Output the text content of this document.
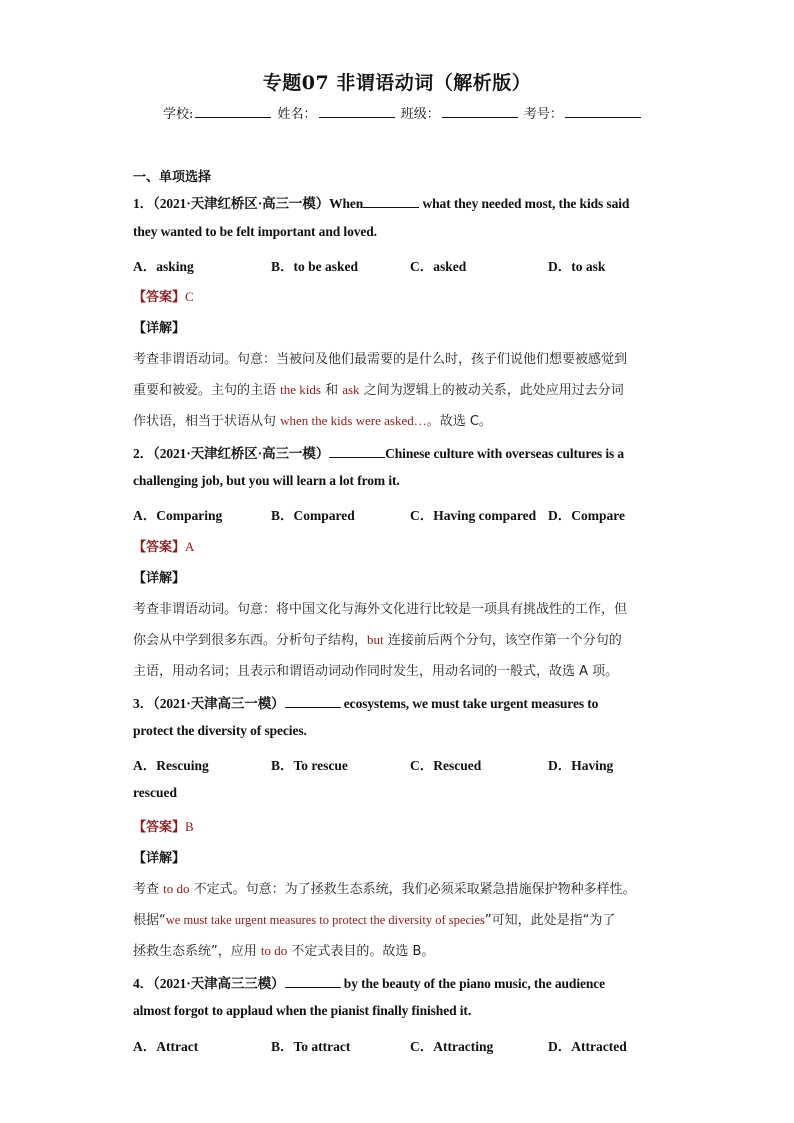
专题07 非谓语动词（解析版）
学校:	姓名：	班级：	考号：
一、单项选择
1．（2021·天津红桥区·高三一模）When	what they needed most, the kids said
they wanted to be felt important and loved.
A．asking	B．to be asked	C．asked	D．to ask
【答案】C
【详解】
考查非谓语动词。句意：当被问及他们最需要的是什么时，孩子们说他们想要被感觉到
重要和被爱。主句的主语 the kids 和 ask 之间为逻辑上的被动关系，此处应用过去分词
作状语，相当于状语从句 when the kids were asked…。故选 C。
2．（2021·天津红桥区·高三一模）	Chinese culture with overseas cultures is a
challenging job, but you will learn a lot from it.
A．Comparing	B．Compared	C．Having compared D．Compare
【答案】A
【详解】
考查非谓语动词。句意：将中国文化与海外文化进行比较是一项具有挑战性的工作，但
你会从中学到很多东西。分析句子结构，but 连接前后两个分句，该空作第一个分句的
主语，用动名词；且表示和谓语动词动作同时发生，用动名词的一般式，故选 A 项。
3．（2021·天津高三一模）	ecosystems, we must take urgent measures to
protect the diversity of species.
A．Rescuing	B．To rescue	C．Rescued	D．Having
rescued
【答案】B
【详解】
考查 to do 不定式。句意：为了拯救生态系统，我们必须采取紧急措施保护物种多样性。
根据“we must take urgent measures to protect the diversity of species”可知，此处是指“为了
拯救生态系统”，应用 to do 不定式表目的。故选 B。
4．（2021·天津高三三模）	by the beauty of the piano music, the audience
almost forgot to applaud when the pianist finally finished it.
A．Attract	B．To attract	C．Attracting	D．Attracted
